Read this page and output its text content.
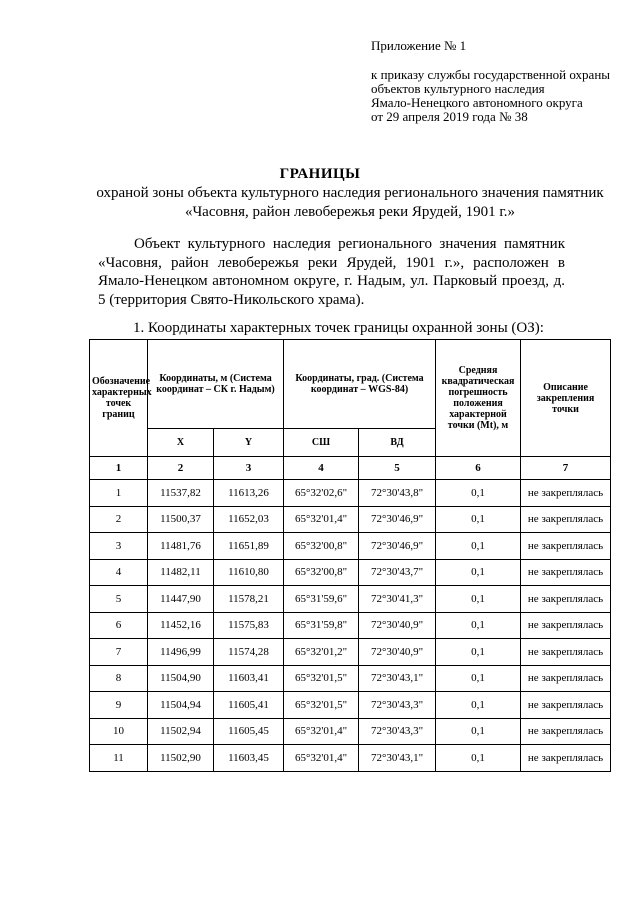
Приложение № 1
к приказу службы государственной охраны
объектов культурного наследия
Ямало-Ненецкого автономного округа
от 29 апреля 2019 года № 38
ГРАНИЦЫ
охраной зоны объекта культурного наследия регионального значения памятник
«Часовня, район левобережья реки Ярудей, 1901 г.»
Объект культурного наследия регионального значения памятник «Часовня, район левобережья реки Ярудей, 1901 г.», расположен в Ямало-Ненецком автономном округе, г. Надым, ул. Парковый проезд, д. 5 (территория Свято-Никольского храма).
1. Координаты характерных точек границы охранной зоны (ОЗ):
Обозначение характерных точек границ	Координаты, м (Система координат – СК г. Надым)		Координаты, град. (Система координат – WGS-84)		Средняя квадратическая погрешность положения характерной точки (Mt), м	Описание закрепления точки
	X	Y	СШ	ВД		
1	2	3	4	5	6	7
1	11537,82	11613,26	65°32'02,6"	72°30'43,8"	0,1	не закреплялась
2	11500,37	11652,03	65°32'01,4"	72°30'46,9"	0,1	не закреплялась
3	11481,76	11651,89	65°32'00,8"	72°30'46,9"	0,1	не закреплялась
4	11482,11	11610,80	65°32'00,8"	72°30'43,7"	0,1	не закреплялась
5	11447,90	11578,21	65°31'59,6"	72°30'41,3"	0,1	не закреплялась
6	11452,16	11575,83	65°31'59,8"	72°30'40,9"	0,1	не закреплялась
7	11496,99	11574,28	65°32'01,2"	72°30'40,9"	0,1	не закреплялась
8	11504,90	11603,41	65°32'01,5"	72°30'43,1"	0,1	не закреплялась
9	11504,94	11605,41	65°32'01,5"	72°30'43,3"	0,1	не закреплялась
10	11502,94	11605,45	65°32'01,4"	72°30'43,3"	0,1	не закреплялась
11	11502,90	11603,45	65°32'01,4"	72°30'43,1"	0,1	не закреплялась
